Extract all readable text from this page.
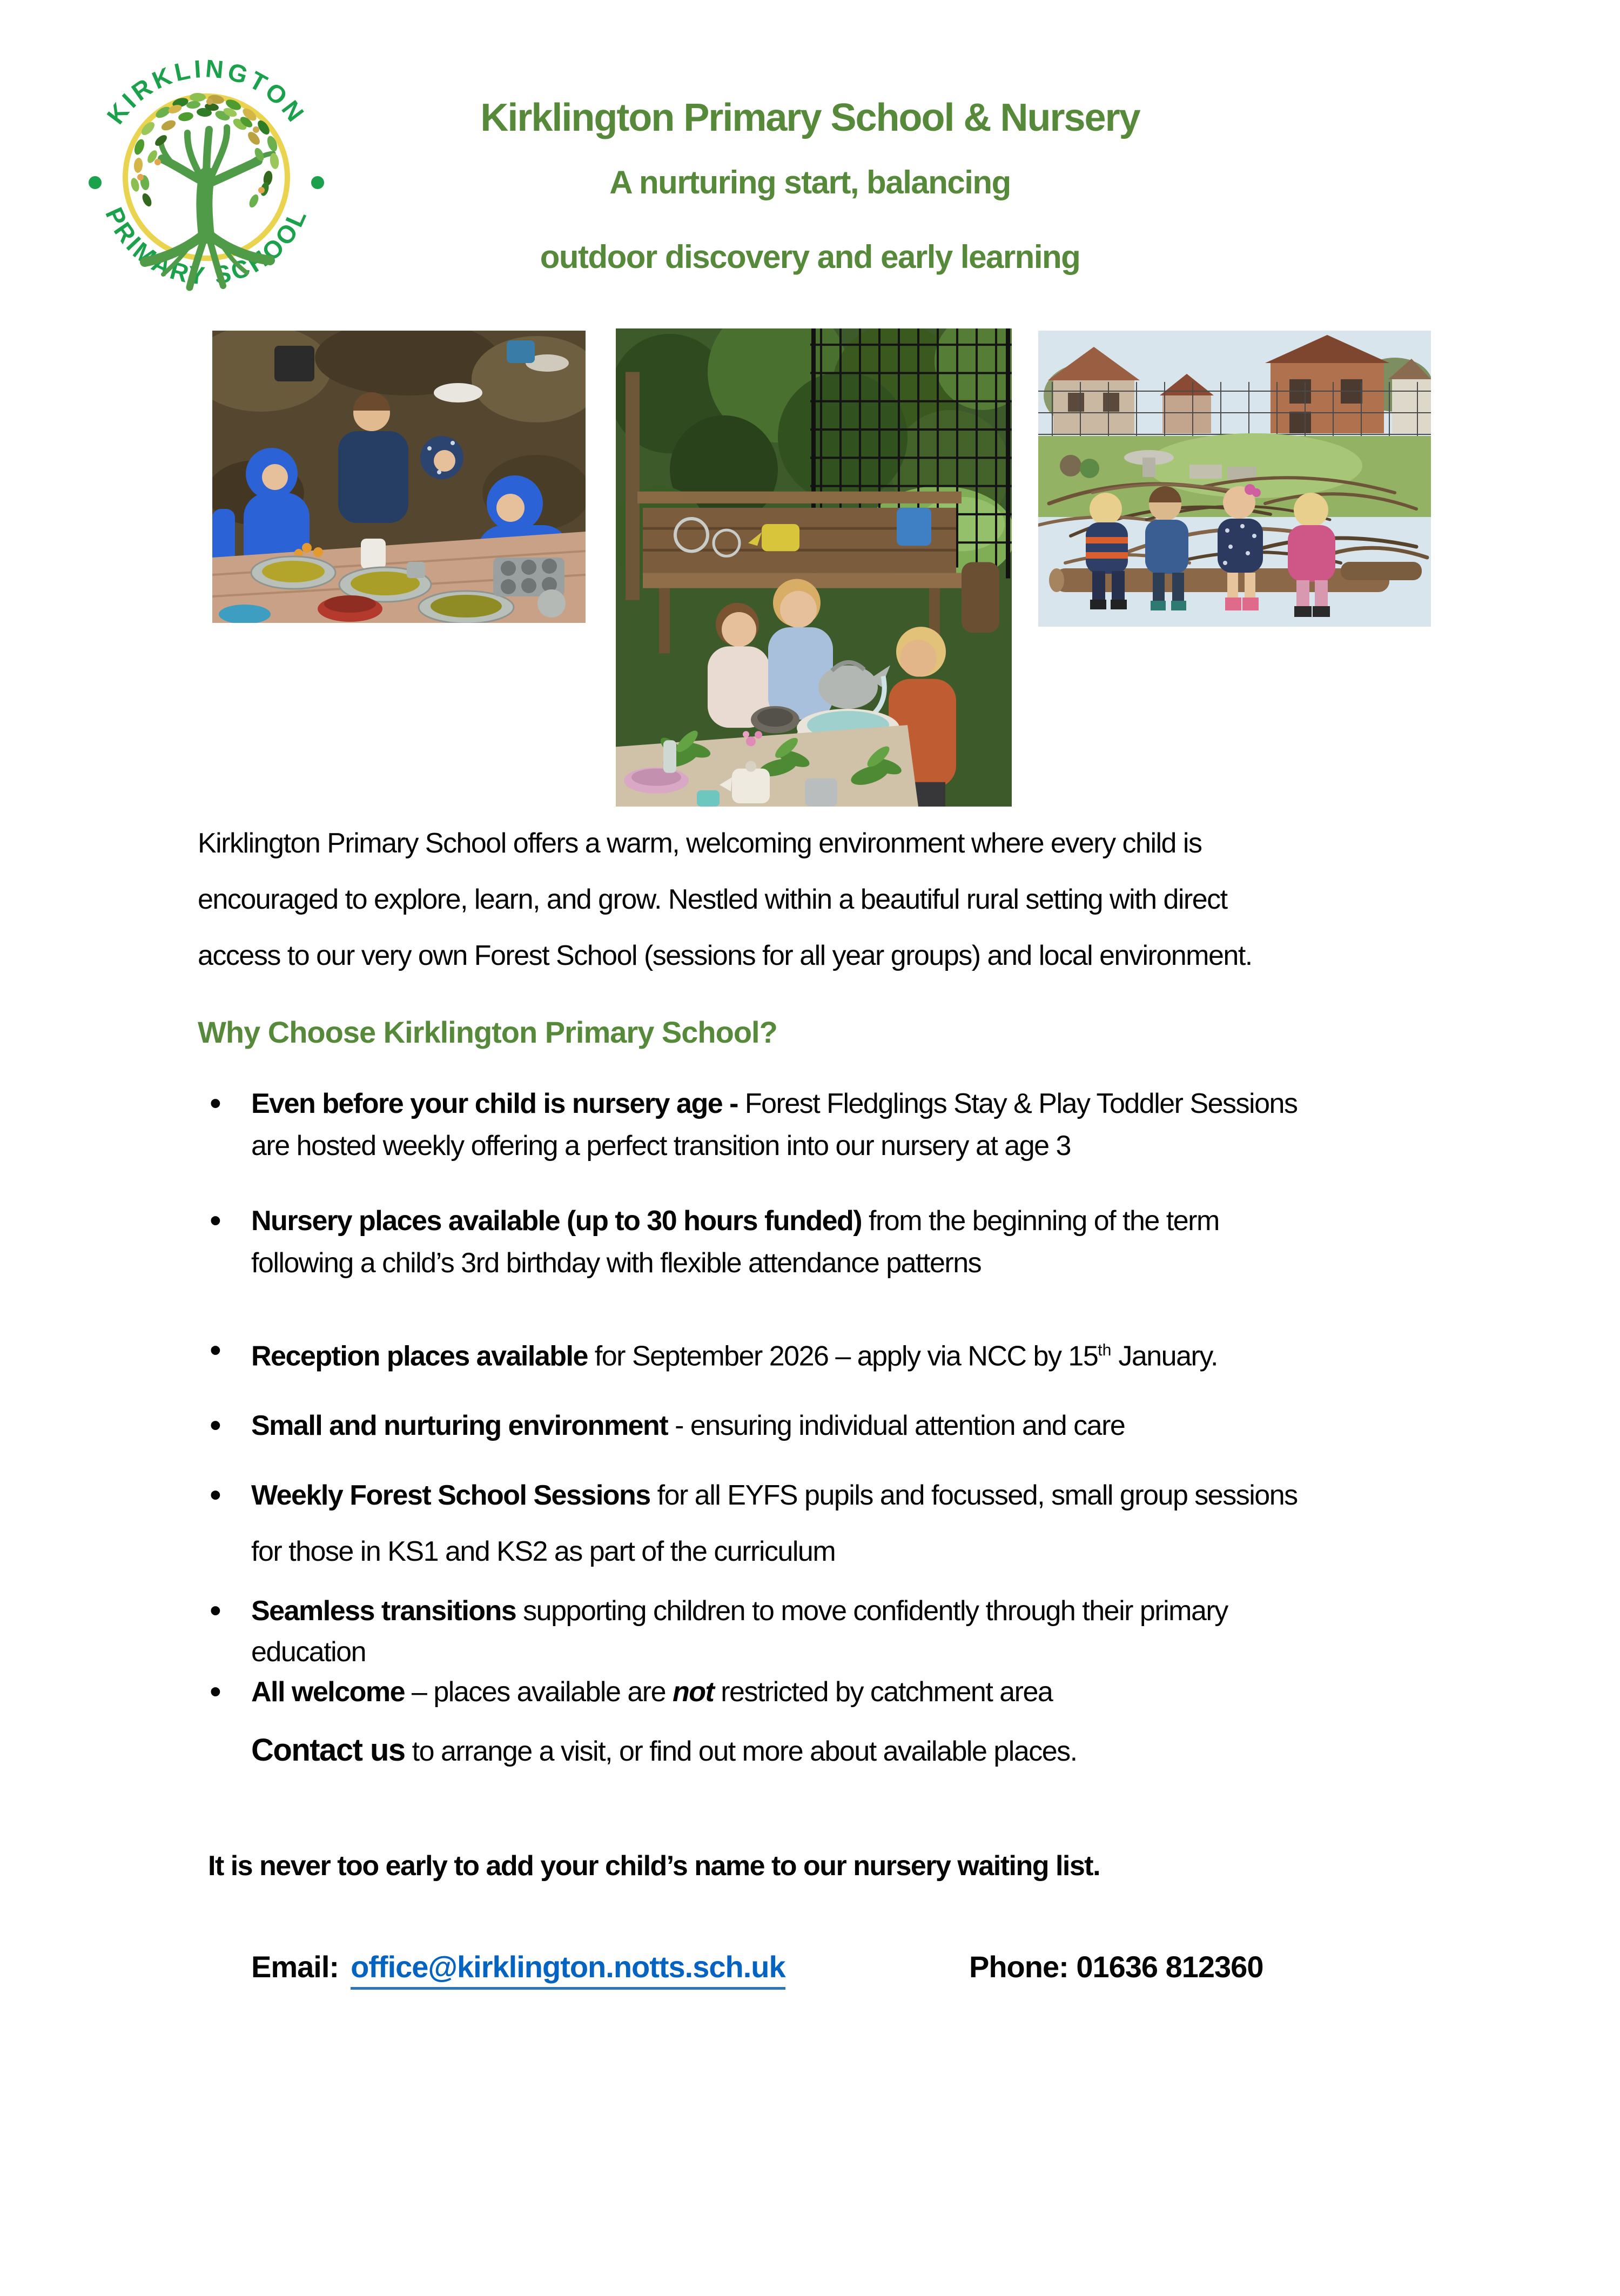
KIRKLINGTON
PRIMARY SCHOOL
Kirklington Primary School & Nursery
A nurturing start, balancing
outdoor discovery and early learning
Kirklington Primary School offers a warm, welcoming environment where every child is
encouraged to explore, learn, and grow. Nestled within a beautiful rural setting with direct
access to our very own Forest School (sessions for all year groups) and local environment.
Why Choose Kirklington Primary School?
•	Even before your child is nursery age - Forest Fledglings Stay & Play Toddler Sessions
are hosted weekly offering a perfect transition into our nursery at age 3
•	Nursery places available (up to 30 hours funded) from the beginning of the term
following a child’s 3rd birthday with flexible attendance patterns
•	Reception places available for September 2026 – apply via NCC by 15th January.
•	Small and nurturing environment - ensuring individual attention and care
•	Weekly Forest School Sessions for all EYFS pupils and focussed, small group sessions
for those in KS1 and KS2 as part of the curriculum
•	Seamless transitions supporting children to move confidently through their primary
education
•	All welcome – places available are not restricted by catchment area
Contact us to arrange a visit, or find out more about available places.
It is never too early to add your child’s name to our nursery waiting list.
Email: office@kirklington.notts.sch.uk	Phone: 01636 812360
